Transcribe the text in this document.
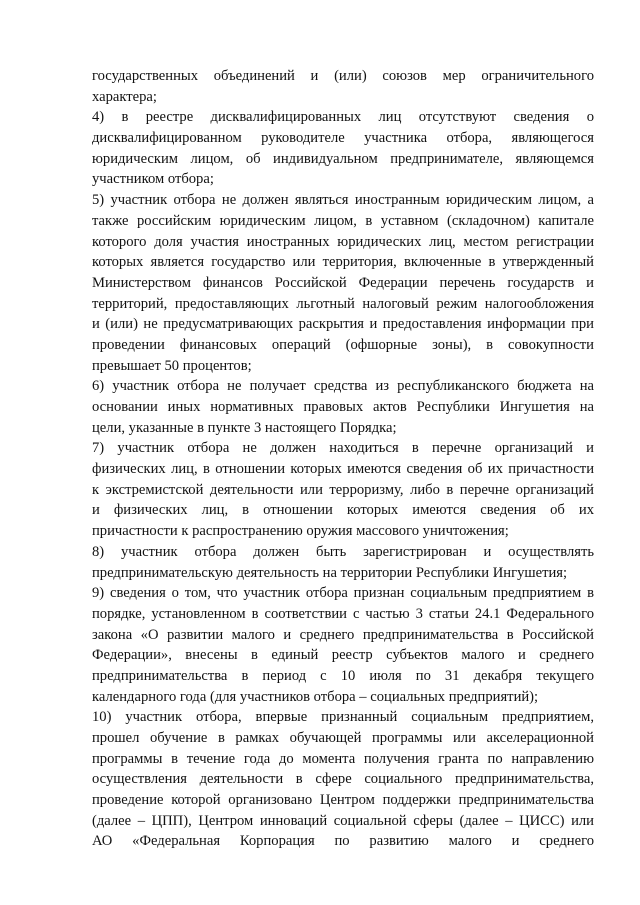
государственных объединений и (или) союзов мер ограничительного
характера;
4) в реестре дисквалифицированных лиц отсутствуют сведения о
дисквалифицированном руководителе участника отбора, являющегося
юридическим лицом, об индивидуальном предпринимателе, являющемся
участником отбора;
5) участник отбора не должен являться иностранным юридическим лицом, а
также российским юридическим лицом, в уставном (складочном) капитале
которого доля участия иностранных юридических лиц, местом регистрации
которых является государство или территория, включенные в утвержденный
Министерством финансов Российской Федерации перечень государств и
территорий, предоставляющих льготный налоговый режим налогообложения
и (или) не предусматривающих раскрытия и предоставления информации при
проведении финансовых операций (офшорные зоны), в совокупности
превышает 50 процентов;
6) участник отбора не получает средства из республиканского бюджета на
основании иных нормативных правовых актов Республики Ингушетия на
цели, указанные в пункте 3 настоящего Порядка;
7) участник отбора не должен находиться в перечне организаций и
физических лиц, в отношении которых имеются сведения об их причастности
к экстремистской деятельности или терроризму, либо в перечне организаций
и физических лиц, в отношении которых имеются сведения об их
причастности к распространению оружия массового уничтожения;
8) участник отбора должен быть зарегистрирован и осуществлять
предпринимательскую деятельность на территории Республики Ингушетия;
9) сведения о том, что участник отбора признан социальным предприятием в
порядке, установленном в соответствии с частью 3 статьи 24.1 Федерального
закона «О развитии малого и среднего предпринимательства в Российской
Федерации», внесены в единый реестр субъектов малого и среднего
предпринимательства в период с 10 июля по 31 декабря текущего
календарного года (для участников отбора – социальных предприятий);
10) участник отбора, впервые признанный социальным предприятием,
прошел обучение в рамках обучающей программы или акселерационной
программы в течение года до момента получения гранта по направлению
осуществления деятельности в сфере социального предпринимательства,
проведение которой организовано Центром поддержки предпринимательства
(далее – ЦПП), Центром инноваций социальной сферы (далее – ЦИСС) или
АО «Федеральная Корпорация по развитию малого и среднего
